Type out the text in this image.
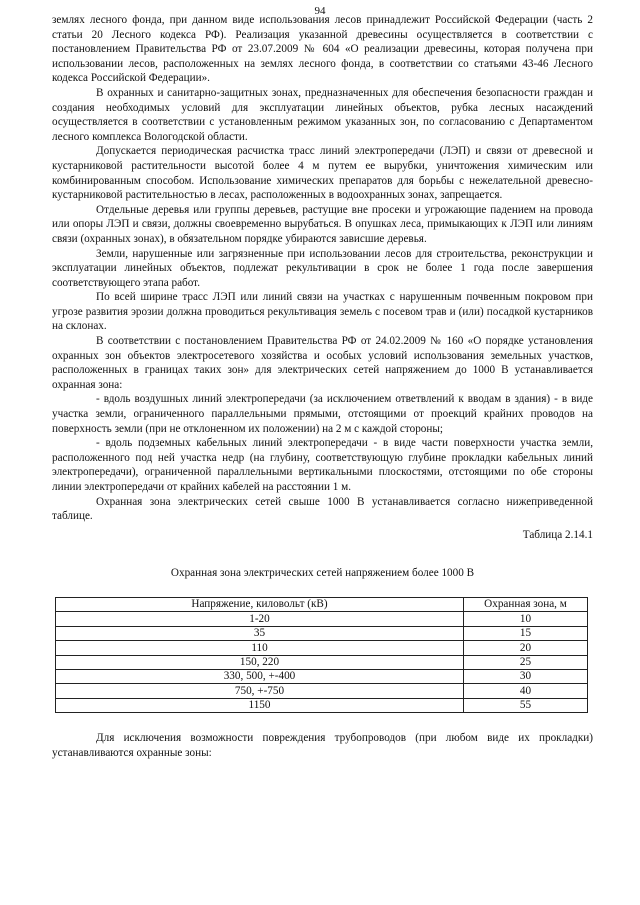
94

землях лесного фонда, при данном виде использования лесов принадлежит Российской Федерации (часть 2 статьи 20 Лесного кодекса РФ). Реализация указанной древесины осуществляется в соответствии с постановлением Правительства РФ от 23.07.2009 № 604 «О реализации древесины, которая получена при использовании лесов, расположенных на землях лесного фонда, в соответствии со статьями 43-46 Лесного кодекса Российской Федерации».

В охранных и санитарно-защитных зонах, предназначенных для обеспечения безопасности граждан и создания необходимых условий для эксплуатации линейных объектов, рубка лесных насаждений осуществляется в соответствии с установленным режимом указанных зон, по согласованию с Департаментом лесного комплекса Вологодской области.

Допускается периодическая расчистка трасс линий электропередачи (ЛЭП) и связи от древесной и кустарниковой растительности высотой более 4 м путем ее вырубки, уничтожения химическим или комбинированным способом. Использование химических препаратов для борьбы с нежелательной древесно-кустарниковой растительностью в лесах, расположенных в водоохранных зонах, запрещается.

Отдельные деревья или группы деревьев, растущие вне просеки и угрожающие падением на провода или опоры ЛЭП и связи, должны своевременно вырубаться. В опушках леса, примыкающих к ЛЭП или линиям связи (охранных зонах), в обязательном порядке убираются зависшие деревья.

Земли, нарушенные или загрязненные при использовании лесов для строительства, реконструкции и эксплуатации линейных объектов, подлежат рекультивации в срок не более 1 года после завершения соответствующего этапа работ.

По всей ширине трасс ЛЭП или линий связи на участках с нарушенным почвенным покровом при угрозе развития эрозии должна проводиться рекультивация земель с посевом трав и (или) посадкой кустарников на склонах.

В соответствии с постановлением Правительства РФ от 24.02.2009 № 160 «О порядке установления охранных зон объектов электросетевого хозяйства и особых условий использования земельных участков, расположенных в границах таких зон» для электрических сетей напряжением до 1000 В устанавливается охранная зона:

- вдоль воздушных линий электропередачи (за исключением ответвлений к вводам в здания) - в виде участка земли, ограниченного параллельными прямыми, отстоящими от проекций крайних проводов на поверхность земли (при не отклоненном их положении) на 2 м с каждой стороны;

- вдоль подземных кабельных линий электропередачи - в виде части поверхности участка земли, расположенного под ней участка недр (на глубину, соответствующую глубине прокладки кабельных линий электропередачи), ограниченной параллельными вертикальными плоскостями, отстоящими по обе стороны линии электропередачи от крайних кабелей на расстоянии 1 м.

Охранная зона электрических сетей свыше 1000 В устанавливается согласно нижеприведенной таблице.

Таблица 2.14.1

Охранная зона электрических сетей напряжением более 1000 В

Напряжение, киловольт (кВ)	Охранная зона, м
1-20	10
35	15
110	20
150, 220	25
330, 500, +-400	30
750, +-750	40
1150	55

Для исключения возможности повреждения трубопроводов (при любом виде их прокладки) устанавливаются охранные зоны:
